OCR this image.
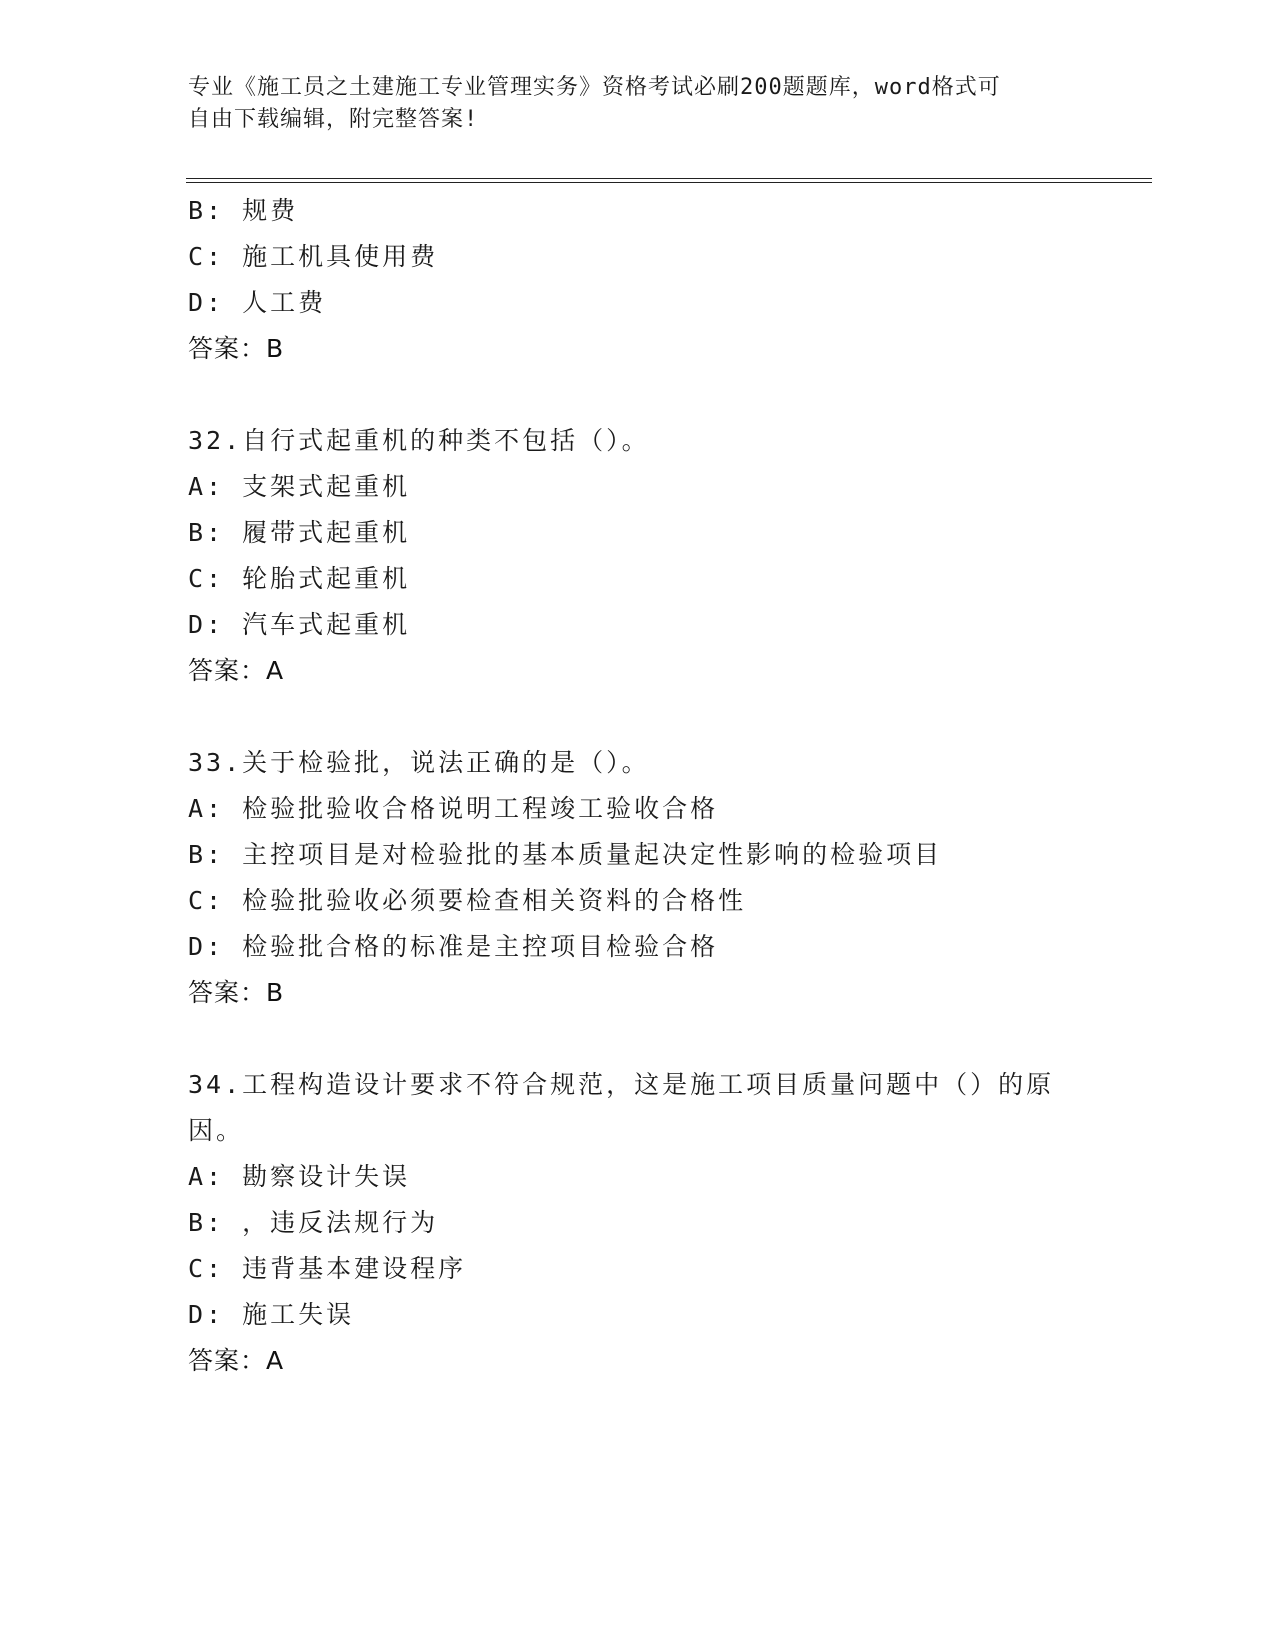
专业《施工员之土建施工专业管理实务》资格考试必刷200题题库，word格式可
自由下载编辑，附完整答案!
B: 规费
C: 施工机具使用费
D: 人工费
答案：B
32.自行式起重机的种类不包括（）。
A: 支架式起重机
B: 履带式起重机
C: 轮胎式起重机
D: 汽车式起重机
答案：A
33.关于检验批，说法正确的是（）。
A: 检验批验收合格说明工程竣工验收合格
B: 主控项目是对检验批的基本质量起决定性影响的检验项目
C: 检验批验收必须要检查相关资料的合格性
D: 检验批合格的标准是主控项目检验合格
答案：B
34.工程构造设计要求不符合规范，这是施工项目质量问题中（）的原
因。
A: 勘察设计失误
B: ，违反法规行为
C: 违背基本建设程序
D: 施工失误
答案：A
